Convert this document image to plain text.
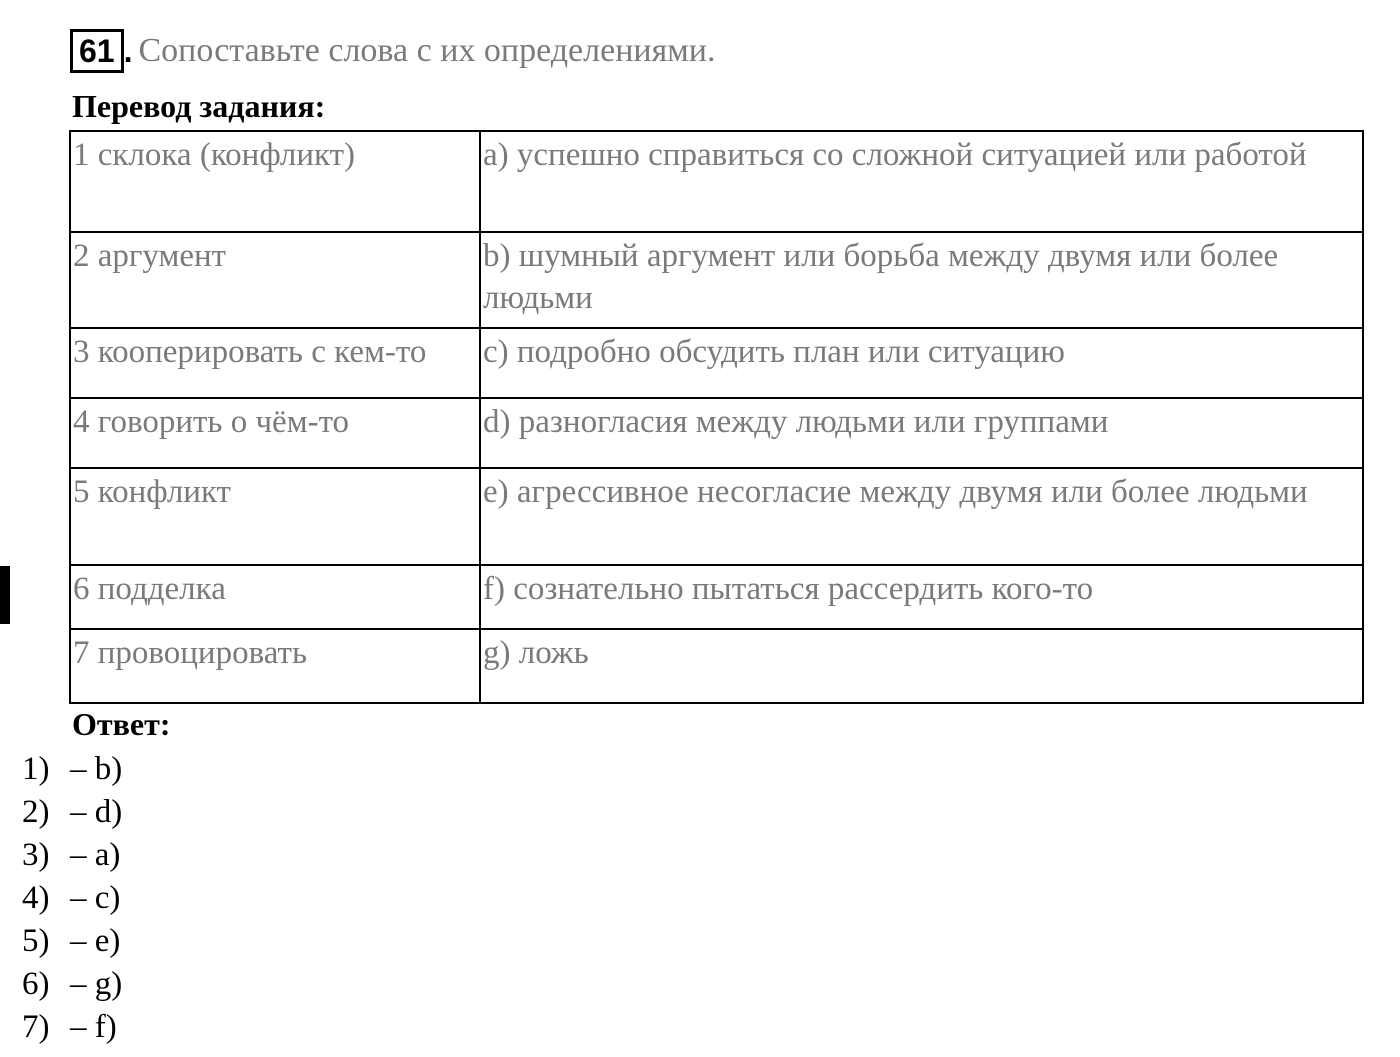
61 . Сопоставьте слова с их определениями.
Перевод задания:
1 склока (конфликт)	a) успешно справиться со сложной ситуацией или работой
2 аргумент	b) шумный аргумент или борьба между двумя или более людьми
3 кооперировать с кем-то	c) подробно обсудить план или ситуацию
4 говорить о чём-то	d) разногласия между людьми или группами
5 конфликт	e) агрессивное несогласие между двумя или более людьми
6 подделка	f) сознательно пытаться рассердить кого-то
7 провоцировать	g) ложь
Ответ:
1) – b)
2) – d)
3) – a)
4) – c)
5) – e)
6) – g)
7) – f)
